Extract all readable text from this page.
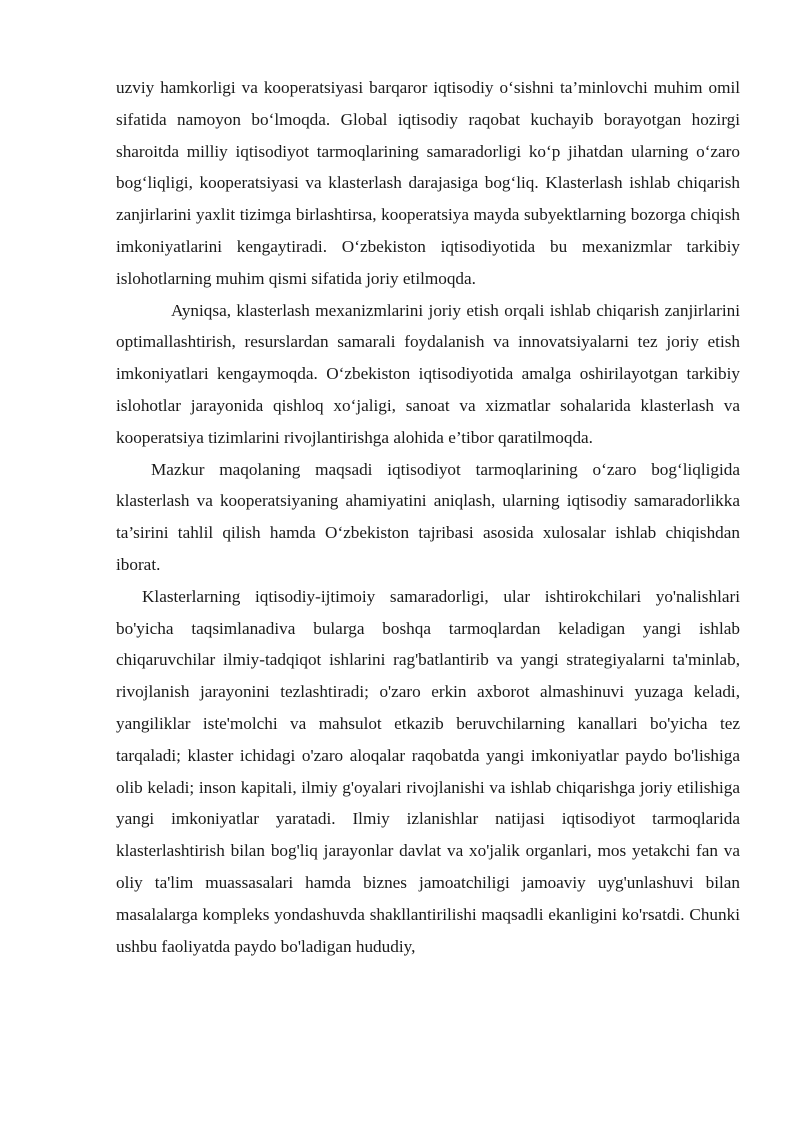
uzviy hamkorligi va kooperatsiyasi barqaror iqtisodiy o‘sishni ta’minlovchi muhim omil sifatida namoyon bo‘lmoqda. Global iqtisodiy raqobat kuchayib borayotgan hozirgi sharoitda milliy iqtisodiyot tarmoqlarining samaradorligi ko‘p jihatdan ularning o‘zaro bog‘liqligi, kooperatsiyasi va klasterlash darajasiga bog‘liq. Klasterlash ishlab chiqarish zanjirlarini yaxlit tizimga birlashtirsa, kooperatsiya mayda subyektlarning bozorga chiqish imkoniyatlarini kengaytiradi. O‘zbekiston iqtisodiyotida bu mexanizmlar tarkibiy islohotlarning muhim qismi sifatida joriy etilmoqda.

Ayniqsa, klasterlash mexanizmlarini joriy etish orqali ishlab chiqarish zanjirlarini optimallashtirish, resurslardan samarali foydalanish va innovatsiyalarni tez joriy etish imkoniyatlari kengaymoqda. O‘zbekiston iqtisodiyotida amalga oshirilayotgan tarkibiy islohotlar jarayonida qishloq xo‘jaligi, sanoat va xizmatlar sohalarida klasterlash va kooperatsiya tizimlarini rivojlantirishga alohida e’tibor qaratilmoqda.

Mazkur maqolaning maqsadi iqtisodiyot tarmoqlarining o‘zaro bog‘liqligida klasterlash va kooperatsiyaning ahamiyatini aniqlash, ularning iqtisodiy samaradorlikka ta’sirini tahlil qilish hamda O‘zbekiston tajribasi asosida xulosalar ishlab chiqishdan iborat.

Klasterlarning iqtisodiy-ijtimoiy samaradorligi, ular ishtirokchilari yo'nalishlari bo'yicha taqsimlanadiva bularga boshqa tarmoqlardan keladigan yangi ishlab chiqaruvchilar ilmiy-tadqiqot ishlarini rag'batlantirib va yangi strategiyalarni ta'minlab, rivojlanish jarayonini tezlashtiradi; o'zaro erkin axborot almashinuvi yuzaga keladi, yangiliklar iste'molchi va mahsulot etkazib beruvchilarning kanallari bo'yicha tez tarqaladi; klaster ichidagi o'zaro aloqalar raqobatda yangi imkoniyatlar paydo bo'lishiga olib keladi; inson kapitali, ilmiy g'oyalari rivojlanishi va ishlab chiqarishga joriy etilishiga yangi imkoniyatlar yaratadi. Ilmiy izlanishlar natijasi iqtisodiyot tarmoqlarida klasterlashtirish bilan bog'liq jarayonlar davlat va xo'jalik organlari, mos yetakchi fan va oliy ta'lim muassasalari hamda biznes jamoatchiligi jamoaviy uyg'unlashuvi bilan masalalarga kompleks yondashuvda shakllantirilishi maqsadli ekanligini ko'rsatdi. Chunki ushbu faoliyatda paydo bo'ladigan hududiy,
